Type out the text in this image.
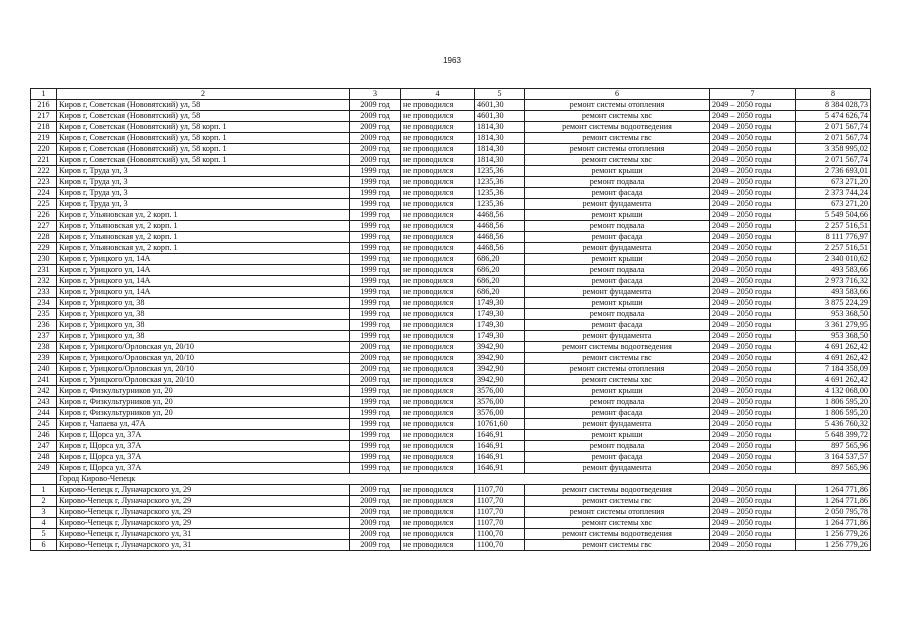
1963
1	2	3	4	5	6	7	8
216	Киров г, Советская (Нововятский) ул, 58	2009 год	не проводился	4601,30	ремонт системы отопления	2049 – 2050 годы	8 384 028,73
217	Киров г, Советская (Нововятский) ул, 58	2009 год	не проводился	4601,30	ремонт системы хвс	2049 – 2050 годы	5 474 626,74
218	Киров г, Советская (Нововятский) ул, 58 корп. 1	2009 год	не проводился	1814,30	ремонт системы водоотведения	2049 – 2050 годы	2 071 567,74
219	Киров г, Советская (Нововятский) ул, 58 корп. 1	2009 год	не проводился	1814,30	ремонт системы гвс	2049 – 2050 годы	2 071 567,74
220	Киров г, Советская (Нововятский) ул, 58 корп. 1	2009 год	не проводился	1814,30	ремонт системы отопления	2049 – 2050 годы	3 358 995,02
221	Киров г, Советская (Нововятский) ул, 58 корп. 1	2009 год	не проводился	1814,30	ремонт системы хвс	2049 – 2050 годы	2 071 567,74
222	Киров г, Труда ул, 3	1999 год	не проводился	1235,36	ремонт крыши	2049 – 2050 годы	2 736 693,01
223	Киров г, Труда ул, 3	1999 год	не проводился	1235,36	ремонт подвала	2049 – 2050 годы	673 271,20
224	Киров г, Труда ул, 3	1999 год	не проводился	1235,36	ремонт фасада	2049 – 2050 годы	2 373 744,24
225	Киров г, Труда ул, 3	1999 год	не проводился	1235,36	ремонт фундамента	2049 – 2050 годы	673 271,20
226	Киров г, Ульяновская ул, 2 корп. 1	1999 год	не проводился	4468,56	ремонт крыши	2049 – 2050 годы	5 549 504,66
227	Киров г, Ульяновская ул, 2 корп. 1	1999 год	не проводился	4468,56	ремонт подвала	2049 – 2050 годы	2 257 516,51
228	Киров г, Ульяновская ул, 2 корп. 1	1999 год	не проводился	4468,56	ремонт фасада	2049 – 2050 годы	8 111 776,97
229	Киров г, Ульяновская ул, 2 корп. 1	1999 год	не проводился	4468,56	ремонт фундамента	2049 – 2050 годы	2 257 516,51
230	Киров г, Урицкого ул, 14А	1999 год	не проводился	686,20	ремонт крыши	2049 – 2050 годы	2 340 010,62
231	Киров г, Урицкого ул, 14А	1999 год	не проводился	686,20	ремонт подвала	2049 – 2050 годы	493 583,66
232	Киров г, Урицкого ул, 14А	1999 год	не проводился	686,20	ремонт фасада	2049 – 2050 годы	2 973 716,32
233	Киров г, Урицкого ул, 14А	1999 год	не проводился	686,20	ремонт фундамента	2049 – 2050 годы	493 583,66
234	Киров г, Урицкого ул, 38	1999 год	не проводился	1749,30	ремонт крыши	2049 – 2050 годы	3 875 224,29
235	Киров г, Урицкого ул, 38	1999 год	не проводился	1749,30	ремонт подвала	2049 – 2050 годы	953 368,50
236	Киров г, Урицкого ул, 38	1999 год	не проводился	1749,30	ремонт фасада	2049 – 2050 годы	3 361 279,95
237	Киров г, Урицкого ул, 38	1999 год	не проводился	1749,30	ремонт фундамента	2049 – 2050 годы	953 368,50
238	Киров г, Урицкого/Орловская ул, 20/10	2009 год	не проводился	3942,90	ремонт системы водоотведения	2049 – 2050 годы	4 691 262,42
239	Киров г, Урицкого/Орловская ул, 20/10	2009 год	не проводился	3942,90	ремонт системы гвс	2049 – 2050 годы	4 691 262,42
240	Киров г, Урицкого/Орловская ул, 20/10	2009 год	не проводился	3942,90	ремонт системы отопления	2049 – 2050 годы	7 184 358,09
241	Киров г, Урицкого/Орловская ул, 20/10	2009 год	не проводился	3942,90	ремонт системы хвс	2049 – 2050 годы	4 691 262,42
242	Киров г, Физкультурников ул, 20	1999 год	не проводился	3576,00	ремонт крыши	2049 – 2050 годы	4 132 068,00
243	Киров г, Физкультурников ул, 20	1999 год	не проводился	3576,00	ремонт подвала	2049 – 2050 годы	1 806 595,20
244	Киров г, Физкультурников ул, 20	1999 год	не проводился	3576,00	ремонт фасада	2049 – 2050 годы	1 806 595,20
245	Киров г, Чапаева ул, 47А	1999 год	не проводился	10761,60	ремонт фундамента	2049 – 2050 годы	5 436 760,32
246	Киров г, Щорса ул, 37А	1999 год	не проводился	1646,91	ремонт крыши	2049 – 2050 годы	5 648 399,72
247	Киров г, Щорса ул, 37А	1999 год	не проводился	1646,91	ремонт подвала	2049 – 2050 годы	897 565,96
248	Киров г, Щорса ул, 37А	1999 год	не проводился	1646,91	ремонт фасада	2049 – 2050 годы	3 164 537,57
249	Киров г, Щорса ул, 37А	1999 год	не проводился	1646,91	ремонт фундамента	2049 – 2050 годы	897 565,96
	Город Кирово-Чепецк						
1	Кирово-Чепецк г, Луначарского ул, 29	2009 год	не проводился	1107,70	ремонт системы водоотведения	2049 – 2050 годы	1 264 771,86
2	Кирово-Чепецк г, Луначарского ул, 29	2009 год	не проводился	1107,70	ремонт системы гвс	2049 – 2050 годы	1 264 771,86
3	Кирово-Чепецк г, Луначарского ул, 29	2009 год	не проводился	1107,70	ремонт системы отопления	2049 – 2050 годы	2 050 795,78
4	Кирово-Чепецк г, Луначарского ул, 29	2009 год	не проводился	1107,70	ремонт системы хвс	2049 – 2050 годы	1 264 771,86
5	Кирово-Чепецк г, Луначарского ул, 31	2009 год	не проводился	1100,70	ремонт системы водоотведения	2049 – 2050 годы	1 256 779,26
6	Кирово-Чепецк г, Луначарского ул, 31	2009 год	не проводился	1100,70	ремонт системы гвс	2049 – 2050 годы	1 256 779,26
